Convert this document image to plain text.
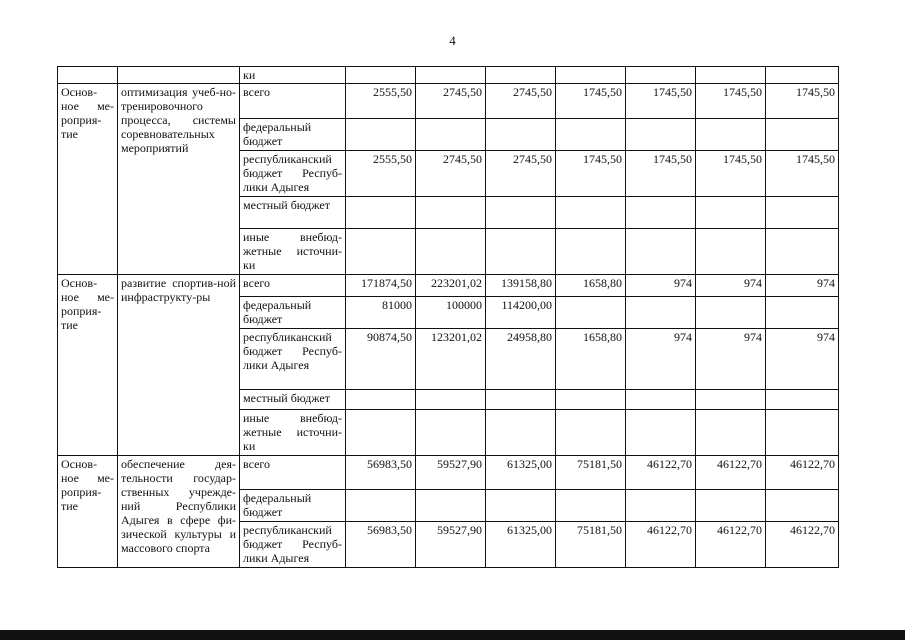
4
		ки							
Основ-ное ме-роприя-тие	оптимизация учеб-но-тренировочного процесса, системы соревновательных мероприятий	всего	2555,50	2745,50	2745,50	1745,50	1745,50	1745,50	1745,50
		федеральный бюджет							
		республиканский бюджет Респуб-лики Адыгея	2555,50	2745,50	2745,50	1745,50	1745,50	1745,50	1745,50
		местный бюджет							
		иные внебюд-жетные источни-ки							
Основ-ное ме-роприя-тие	развитие спортив-ной инфраструкту-ры	всего	171874,50	223201,02	139158,80	1658,80	974	974	974
		федеральный бюджет	81000	100000	114200,00				
		республиканский бюджет Респуб-лики Адыгея	90874,50	123201,02	24958,80	1658,80	974	974	974
		местный бюджет							
		иные внебюд-жетные источни-ки							
Основ-ное ме-роприя-тие	обеспечение дея-тельности государ-ственных учрежде-ний Республики Адыгея в сфере фи-зической культуры и массового спорта	всего	56983,50	59527,90	61325,00	75181,50	46122,70	46122,70	46122,70
		федеральный бюджет							
		республиканский бюджет Респуб-лики Адыгея	56983,50	59527,90	61325,00	75181,50	46122,70	46122,70	46122,70
